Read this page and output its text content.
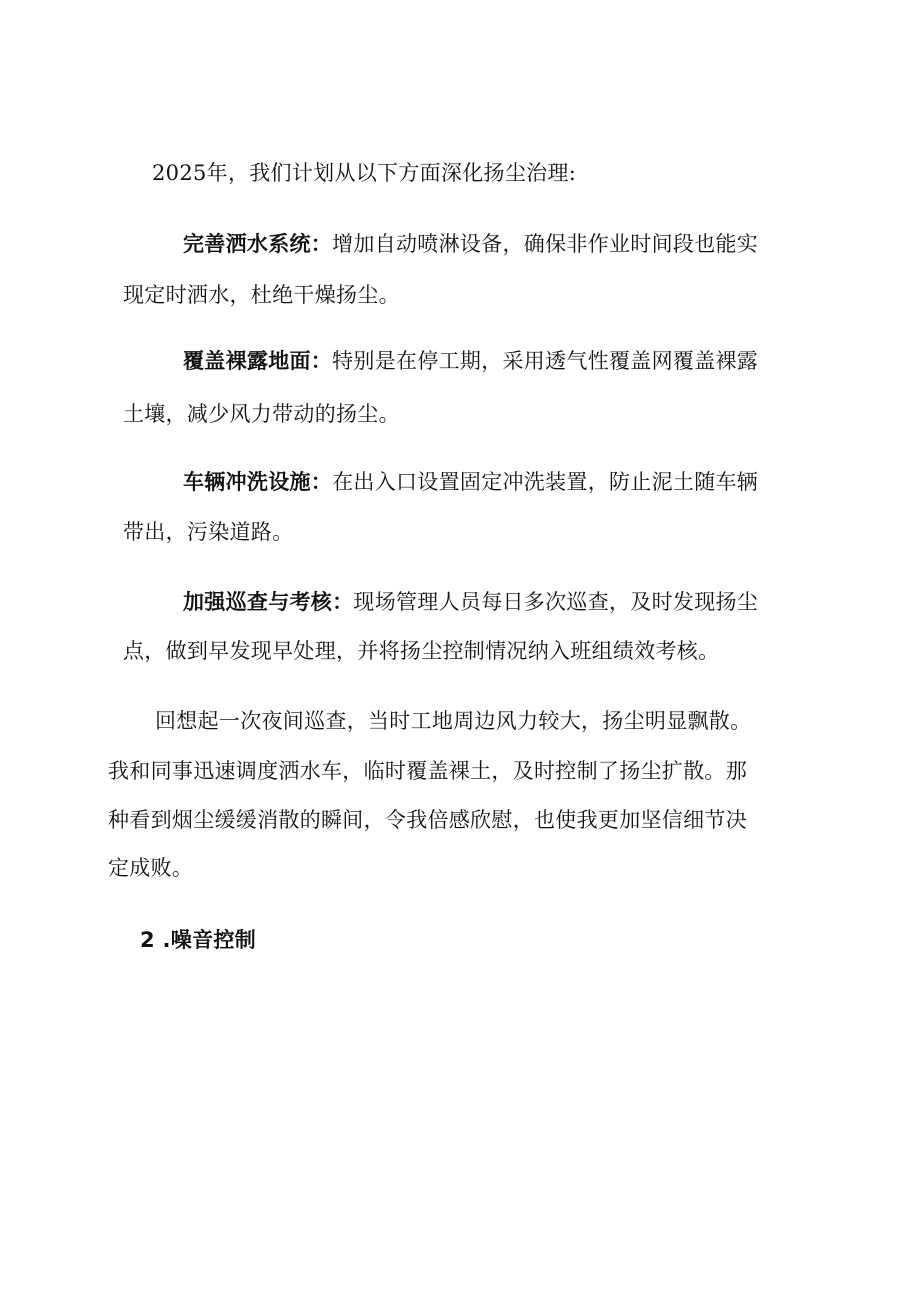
2025年，我们计划从以下方面深化扬尘治理:
完善洒水系统：增加自动喷淋设备，确保非作业时间段也能实
现定时洒水，杜绝干燥扬尘。
覆盖裸露地面：特别是在停工期，采用透气性覆盖网覆盖裸露
土壤，减少风力带动的扬尘。
车辆冲洗设施：在出入口设置固定冲洗装置，防止泥土随车辆
带出，污染道路。
加强巡查与考核：现场管理人员每日多次巡查，及时发现扬尘
点，做到早发现早处理，并将扬尘控制情况纳入班组绩效考核。
回想起一次夜间巡查，当时工地周边风力较大，扬尘明显飘散。
我和同事迅速调度洒水车，临时覆盖裸土，及时控制了扬尘扩散。那
种看到烟尘缓缓消散的瞬间，令我倍感欣慰，也使我更加坚信细节决
定成败。
2 .噪音控制
